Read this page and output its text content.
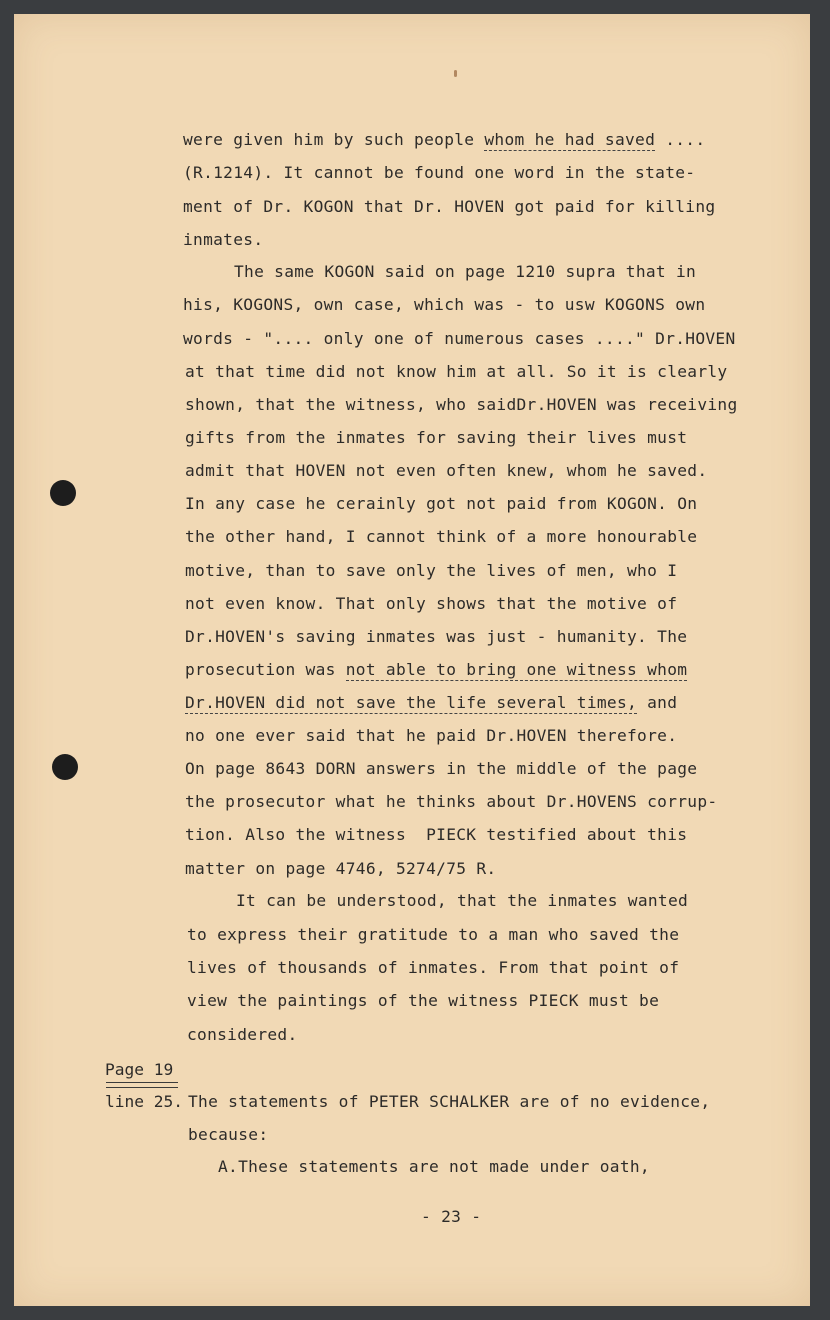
were given him by such people whom he had saved ....
(R.1214). It cannot be found one word in the state-
ment of Dr. KOGON that Dr. HOVEN got paid for killing
inmates.
The same KOGON said on page 1210 supra that in
his, KOGONS, own case, which was - to usw KOGONS own
words - ".... only one of numerous cases ...." Dr.HOVEN
at that time did not know him at all. So it is clearly
shown, that the witness, who saidDr.HOVEN was receiving
gifts from the inmates for saving their lives must
admit that HOVEN not even often knew, whom he saved.
In any case he cerainly got not paid from KOGON. On
the other hand, I cannot think of a more honourable
motive, than to save only the lives of men, who I
not even know. That only shows that the motive of
Dr.HOVEN's saving inmates was just - humanity. The
prosecution was not able to bring one witness whom
Dr.HOVEN did not save the life several times, and
no one ever said that he paid Dr.HOVEN therefore.
On page 8643 DORN answers in the middle of the page
the prosecutor what he thinks about Dr.HOVENS corrup-
tion. Also the witness  PIECK testified about this
matter on page 4746, 5274/75 R.
It can be understood, that the inmates wanted
to express their gratitude to a man who saved the
lives of thousands of inmates. From that point of
view the paintings of the witness PIECK must be
considered.
Page 19
line 25. The statements of PETER SCHALKER are of no evidence,
because:
A.These statements are not made under oath,
- 23 -
